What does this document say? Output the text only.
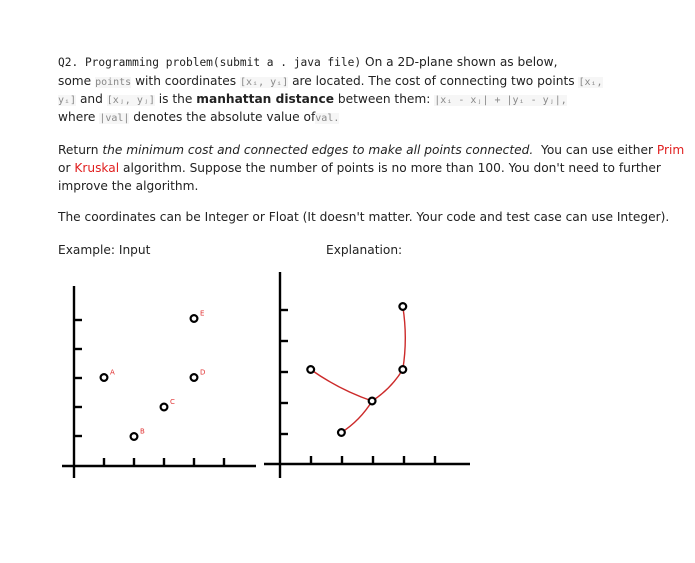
Q2. Programming problem(submit a . java file) On a 2D-plane shown as below,
some points with coordinates [xᵢ, yᵢ] are located. The cost of connecting two points [xᵢ,
yᵢ] and [xⱼ, yⱼ] is the manhattan distance between them: |xᵢ - xⱼ| + |yᵢ - yⱼ|,
where |val| denotes the absolute value ofval.
Return the minimum cost and connected edges to make all points connected. You can use either Prim
or Kruskal algorithm. Suppose the number of points is no more than 100. You don't need to further
improve the algorithm.
The coordinates can be Integer or Float (It doesn't matter. Your code and test case can use Integer).
Example: Input	Explanation:
A
B
C
D
E
